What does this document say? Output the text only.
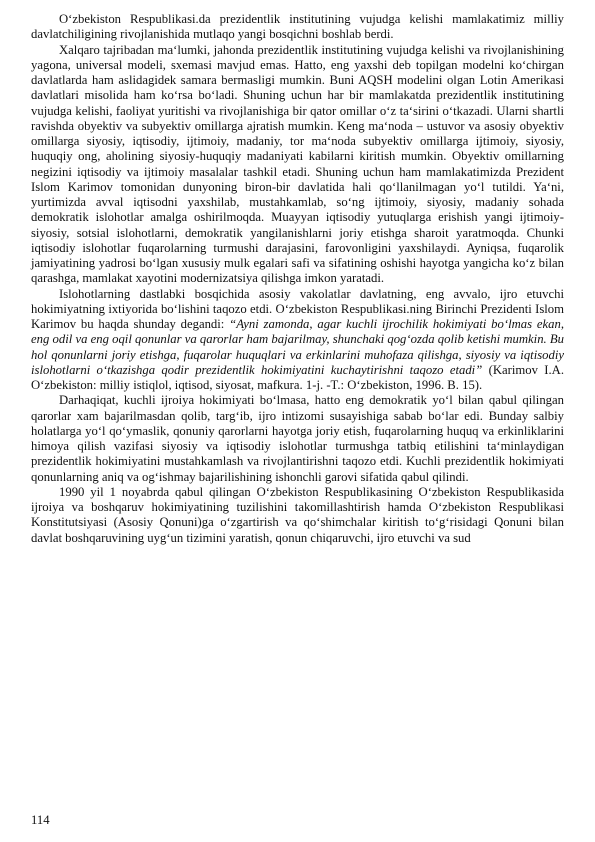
O‘zbekiston Respublikasi.da prezidentlik institutining vujudga kelishi mamlakatimiz milliy davlatchiligining rivojlanishida mutlaqo yangi bosqichni boshlab berdi.

Xalqaro tajribadan ma‘lumki, jahonda prezidentlik institutining vujudga kelishi va rivojlanishining yagona, universal modeli, sxemasi mavjud emas. Hatto, eng yaxshi deb topilgan modelni ko‘chirgan davlatlarda ham aslidagidek samara bermasligi mumkin. Buni AQSH modelini olgan Lotin Amerikasi davlatlari misolida ham ko‘rsa bo‘ladi. Shuning uchun har bir mamlakatda prezidentlik institutining vujudga kelishi, faoliyat yuritishi va rivojlanishiga bir qator omillar o‘z ta‘sirini o‘tkazadi. Ularni shartli ravishda obyektiv va subyektiv omillarga ajratish mumkin. Keng ma‘noda – ustuvor va asosiy obyektiv omillarga siyosiy, iqtisodiy, ijtimoiy, madaniy, tor ma‘noda subyektiv omillarga ijtimoiy, siyosiy, huquqiy ong, aholining siyosiy-huquqiy madaniyati kabilarni kiritish mumkin. Obyektiv omillarning negizini iqtisodiy va ijtimoiy masalalar tashkil etadi. Shuning uchun ham mamlakatimizda Prezident Islom Karimov tomonidan dunyoning biron-bir davlatida hali qo‘llanilmagan yo‘l tutildi. Ya‘ni, yurtimizda avval iqtisodni yaxshilab, mustahkamlab, so‘ng ijtimoiy, siyosiy, madaniy sohada demokratik islohotlar amalga oshirilmoqda. Muayyan iqtisodiy yutuqlarga erishish yangi ijtimoiy-siyosiy, sotsial islohotlarni, demokratik yangilanishlarni joriy etishga sharoit yaratmoqda. Chunki iqtisodiy islohotlar fuqarolarning turmushi darajasini, farovonligini yaxshilaydi. Ayniqsa, fuqarolik jamiyatining yadrosi bo‘lgan xususiy mulk egalari safi va sifatining oshishi hayotga yangicha ko‘z bilan qarashga, mamlakat xayotini modernizatsiya qilishga imkon yaratadi.

Islohotlarning dastlabki bosqichida asosiy vakolatlar davlatning, eng avvalo, ijro etuvchi hokimiyatning ixtiyorida bo‘lishini taqozo etdi. O‘zbekiston Respublikasi.ning Birinchi Prezidenti Islom Karimov bu haqda shunday degandi: “Ayni zamonda, agar kuchli ijrochilik hokimiyati bo‘lmas ekan, eng odil va eng oqil qonunlar va qarorlar ham bajarilmay, shunchaki qog‘ozda qolib ketishi mumkin. Bu hol qonunlarni joriy etishga, fuqarolar huquqlari va erkinlarini muhofaza qilishga, siyosiy va iqtisodiy islohotlarni o‘tkazishga qodir prezidentlik hokimiyatini kuchaytirishni taqozo etadi” (Karimov I.A. O‘zbekiston: milliy istiqlol, iqtisod, siyosat, mafkura. 1-j. -T.: O‘zbekiston, 1996. B. 15).

Darhaqiqat, kuchli ijroiya hokimiyati bo‘lmasa, hatto eng demokratik yo‘l bilan qabul qilingan qarorlar xam bajarilmasdan qolib, targ‘ib, ijro intizomi susayishiga sabab bo‘lar edi. Bunday salbiy holatlarga yo‘l qo‘ymaslik, qonuniy qarorlarni hayotga joriy etish, fuqarolarning huquq va erkinliklarini himoya qilish vazifasi siyosiy va iqtisodiy islohotlar turmushga tatbiq etilishini ta‘minlaydigan prezidentlik hokimiyatini mustahkamlash va rivojlantirishni taqozo etdi. Kuchli prezidentlik hokimiyati qonunlarning aniq va og‘ishmay bajarilishining ishonchli garovi sifatida qabul qilindi.

1990 yil 1 noyabrda qabul qilingan O‘zbekiston Respublikasining O‘zbekiston Respublikasida ijroiya va boshqaruv hokimiyatining tuzilishini takomillashtirish hamda O‘zbekiston Respublikasi Konstitutsiyasi (Asosiy Qonuni)ga o‘zgartirish va qo‘shimchalar kiritish to‘g‘risidagi Qonuni bilan davlat boshqaruvining uyg‘un tizimini yaratish, qonun chiqaruvchi, ijro etuvchi va sud

114
